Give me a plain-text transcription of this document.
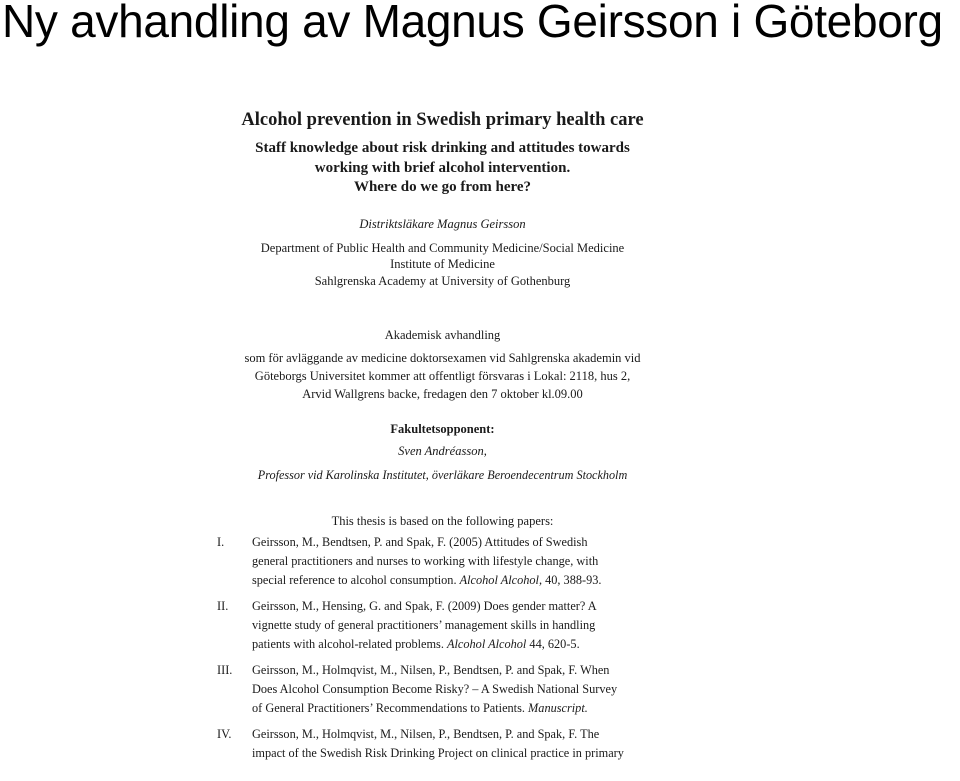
Ny avhandling av Magnus Geirsson i Göteborg
Alcohol prevention in Swedish primary health care
Staff knowledge about risk drinking and attitudes towards
working with brief alcohol intervention.
Where do we go from here?
Distriktsläkare Magnus Geirsson
Department of Public Health and Community Medicine/Social Medicine
Institute of Medicine
Sahlgrenska Academy at University of Gothenburg
Akademisk avhandling
som för avläggande av medicine doktorsexamen vid Sahlgrenska akademin vid
Göteborgs Universitet kommer att offentligt försvaras i Lokal: 2118, hus 2,
Arvid Wallgrens backe, fredagen den 7 oktober kl.09.00
Fakultetsopponent:
Sven Andréasson,
Professor vid Karolinska Institutet, överläkare Beroendecentrum Stockholm
This thesis is based on the following papers:
I.	Geirsson, M., Bendtsen, P. and Spak, F. (2005) Attitudes of Swedish
general practitioners and nurses to working with lifestyle change, with
special reference to alcohol consumption. Alcohol Alcohol, 40, 388-93.
II.	Geirsson, M., Hensing, G. and Spak, F. (2009) Does gender matter? A
vignette study of general practitioners’ management skills in handling
patients with alcohol-related problems. Alcohol Alcohol 44, 620-5.
III.	Geirsson, M., Holmqvist, M., Nilsen, P., Bendtsen, P. and Spak, F. When
Does Alcohol Consumption Become Risky? – A Swedish National Survey
of General Practitioners’ Recommendations to Patients. Manuscript.
IV.	Geirsson, M., Holmqvist, M., Nilsen, P., Bendtsen, P. and Spak, F. The
impact of the Swedish Risk Drinking Project on clinical practice in primary
